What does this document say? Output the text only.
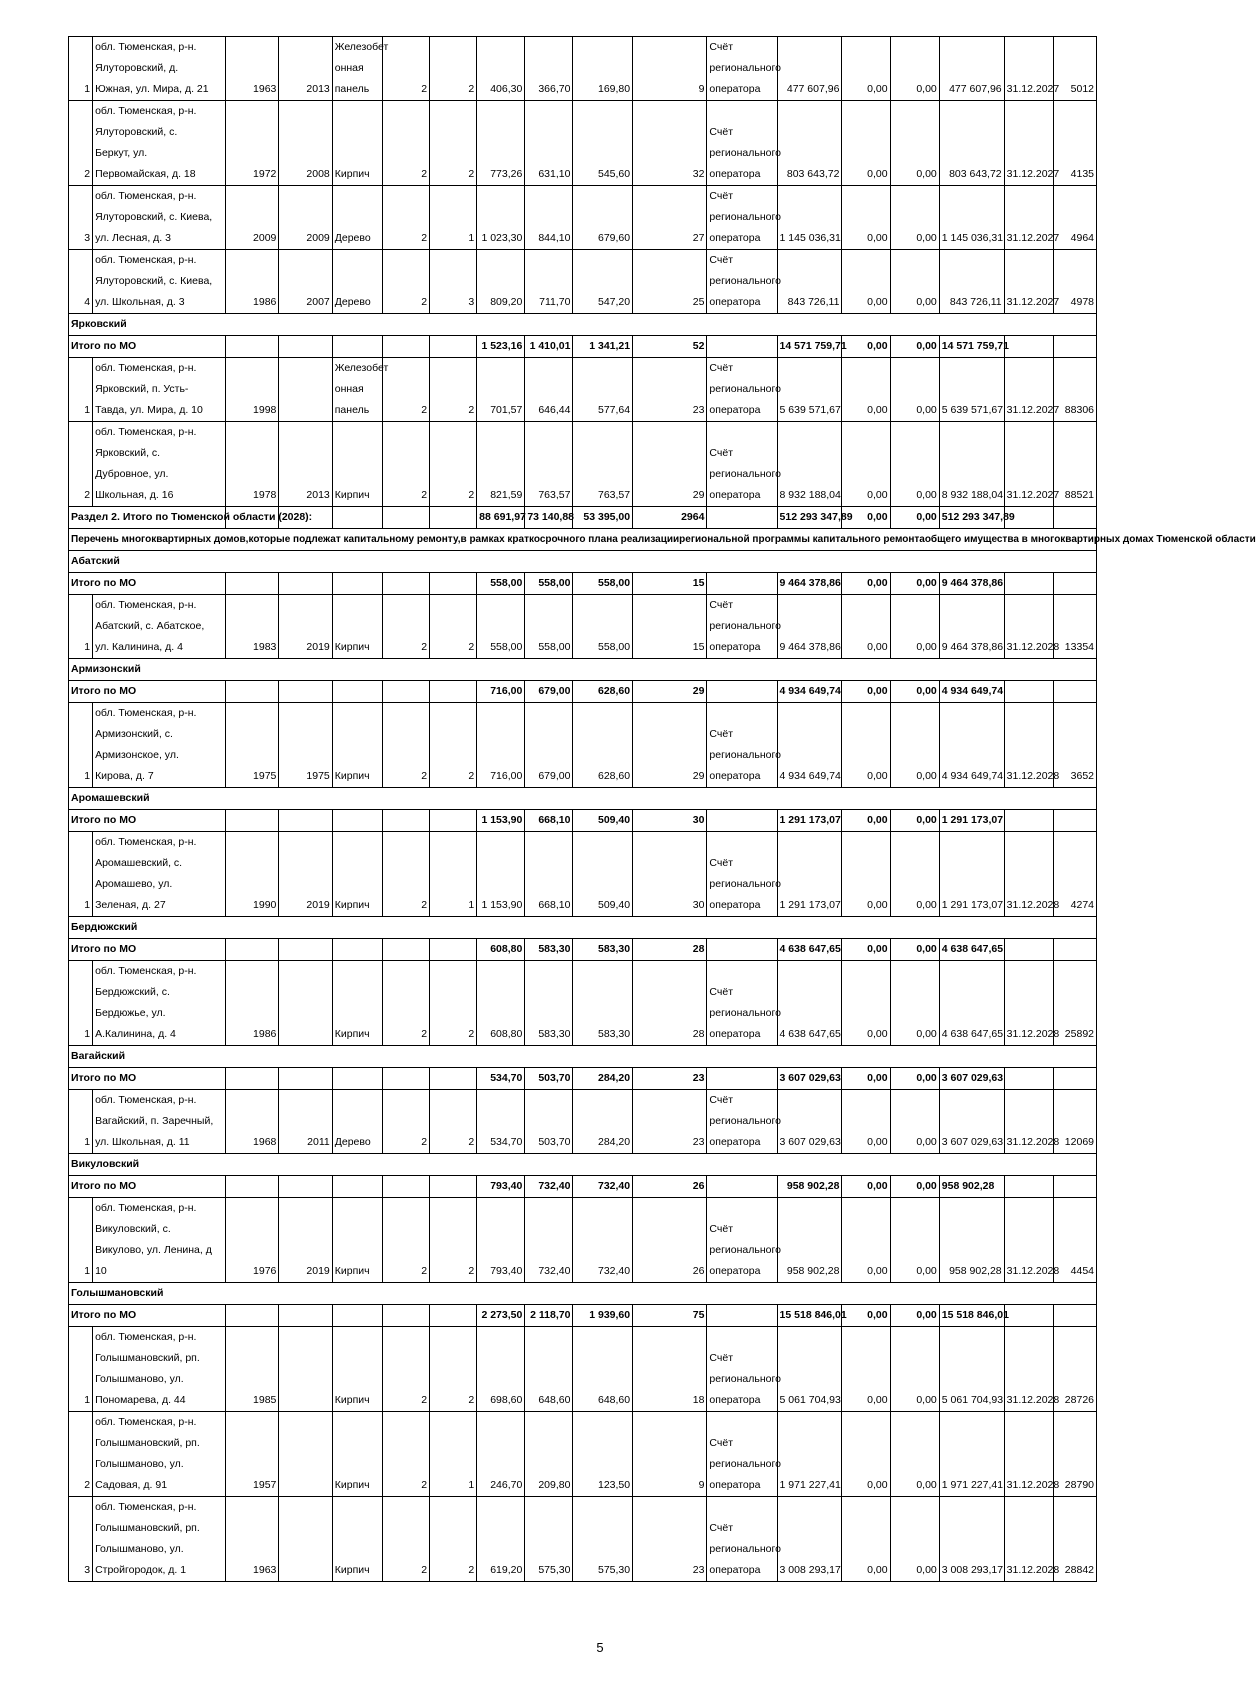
1	обл. Тюменская, р-н.
Ялуторовский, д.
Южная, ул. Мира, д. 21	1963	2013	Железобет
онная
панель	2	2	406,30	366,70	169,80	9	Счёт
регионального
оператора	477 607,96	0,00	0,00	477 607,96	31.12.2027	5012
2	обл. Тюменская, р-н.
Ялуторовский, с.
Беркут, ул.
Первомайская, д. 18	1972	2008	Кирпич	2	2	773,26	631,10	545,60	32	Счёт
регионального
оператора	803 643,72	0,00	0,00	803 643,72	31.12.2027	4135
3	обл. Тюменская, р-н.
Ялуторовский, с. Киева,
ул. Лесная, д. 3	2009	2009	Дерево	2	1	1 023,30	844,10	679,60	27	Счёт
регионального
оператора	1 145 036,31	0,00	0,00	1 145 036,31	31.12.2027	4964
4	обл. Тюменская, р-н.
Ялуторовский, с. Киева,
ул. Школьная, д. 3	1986	2007	Дерево	2	3	809,20	711,70	547,20	25	Счёт
регионального
оператора	843 726,11	0,00	0,00	843 726,11	31.12.2027	4978
Ярковский																	
Итого по МО							1 523,16	1 410,01	1 341,21	52		14 571 759,71	0,00	0,00	14 571 759,71		
1	обл. Тюменская, р-н.
Ярковский, п. Усть-
Тавда, ул. Мира, д. 10	1998		Железобет
онная
панель	2	2	701,57	646,44	577,64	23	Счёт
регионального
оператора	5 639 571,67	0,00	0,00	5 639 571,67	31.12.2027	88306
2	обл. Тюменская, р-н.
Ярковский, с.
Дубровное, ул.
Школьная, д. 16	1978	2013	Кирпич	2	2	821,59	763,57	763,57	29	Счёт
регионального
оператора	8 932 188,04	0,00	0,00	8 932 188,04	31.12.2027	88521
Раздел 2. Итого по Тюменской области (2028):							88 691,97	73 140,88	53 395,00	2964		512 293 347,89	0,00	0,00	512 293 347,89		
Перечень многоквартирных домов,которые подлежат капитальному ремонту,в рамках краткосрочного плана реализациирегиональной программы капитального ремонтаобщего имущества в многоквартирных домах Тюменской области																	
Абатский																	
Итого по МО							558,00	558,00	558,00	15		9 464 378,86	0,00	0,00	9 464 378,86		
1	обл. Тюменская, р-н.
Абатский, с. Абатское,
ул. Калинина, д. 4	1983	2019	Кирпич	2	2	558,00	558,00	558,00	15	Счёт
регионального
оператора	9 464 378,86	0,00	0,00	9 464 378,86	31.12.2028	13354
Армизонский																	
Итого по МО							716,00	679,00	628,60	29		4 934 649,74	0,00	0,00	4 934 649,74		
1	обл. Тюменская, р-н.
Армизонский, с.
Армизонское, ул.
Кирова, д. 7	1975	1975	Кирпич	2	2	716,00	679,00	628,60	29	Счёт
регионального
оператора	4 934 649,74	0,00	0,00	4 934 649,74	31.12.2028	3652
Аромашевский																	
Итого по МО							1 153,90	668,10	509,40	30		1 291 173,07	0,00	0,00	1 291 173,07		
1	обл. Тюменская, р-н.
Аромашевский, с.
Аромашево, ул.
Зеленая, д. 27	1990	2019	Кирпич	2	1	1 153,90	668,10	509,40	30	Счёт
регионального
оператора	1 291 173,07	0,00	0,00	1 291 173,07	31.12.2028	4274
Бердюжский																	
Итого по МО							608,80	583,30	583,30	28		4 638 647,65	0,00	0,00	4 638 647,65		
1	обл. Тюменская, р-н.
Бердюжский, с.
Бердюжье, ул.
А.Калинина, д. 4	1986		Кирпич	2	2	608,80	583,30	583,30	28	Счёт
регионального
оператора	4 638 647,65	0,00	0,00	4 638 647,65	31.12.2028	25892
Вагайский																	
Итого по МО							534,70	503,70	284,20	23		3 607 029,63	0,00	0,00	3 607 029,63		
1	обл. Тюменская, р-н.
Вагайский, п. Заречный,
ул. Школьная, д. 11	1968	2011	Дерево	2	2	534,70	503,70	284,20	23	Счёт
регионального
оператора	3 607 029,63	0,00	0,00	3 607 029,63	31.12.2028	12069
Викуловский																	
Итого по МО							793,40	732,40	732,40	26		958 902,28	0,00	0,00	958 902,28		
1	обл. Тюменская, р-н.
Викуловский, с.
Викулово, ул. Ленина, д
10	1976	2019	Кирпич	2	2	793,40	732,40	732,40	26	Счёт
регионального
оператора	958 902,28	0,00	0,00	958 902,28	31.12.2028	4454
Голышмановский																	
Итого по МО							2 273,50	2 118,70	1 939,60	75		15 518 846,01	0,00	0,00	15 518 846,01		
1	обл. Тюменская, р-н.
Голышмановский, рп.
Голышманово, ул.
Пономарева, д. 44	1985		Кирпич	2	2	698,60	648,60	648,60	18	Счёт
регионального
оператора	5 061 704,93	0,00	0,00	5 061 704,93	31.12.2028	28726
2	обл. Тюменская, р-н.
Голышмановский, рп.
Голышманово, ул.
Садовая, д. 91	1957		Кирпич	2	1	246,70	209,80	123,50	9	Счёт
регионального
оператора	1 971 227,41	0,00	0,00	1 971 227,41	31.12.2028	28790
3	обл. Тюменская, р-н.
Голышмановский, рп.
Голышманово, ул.
Стройгородок, д. 1	1963		Кирпич	2	2	619,20	575,30	575,30	23	Счёт
регионального
оператора	3 008 293,17	0,00	0,00	3 008 293,17	31.12.2028	28842
5
